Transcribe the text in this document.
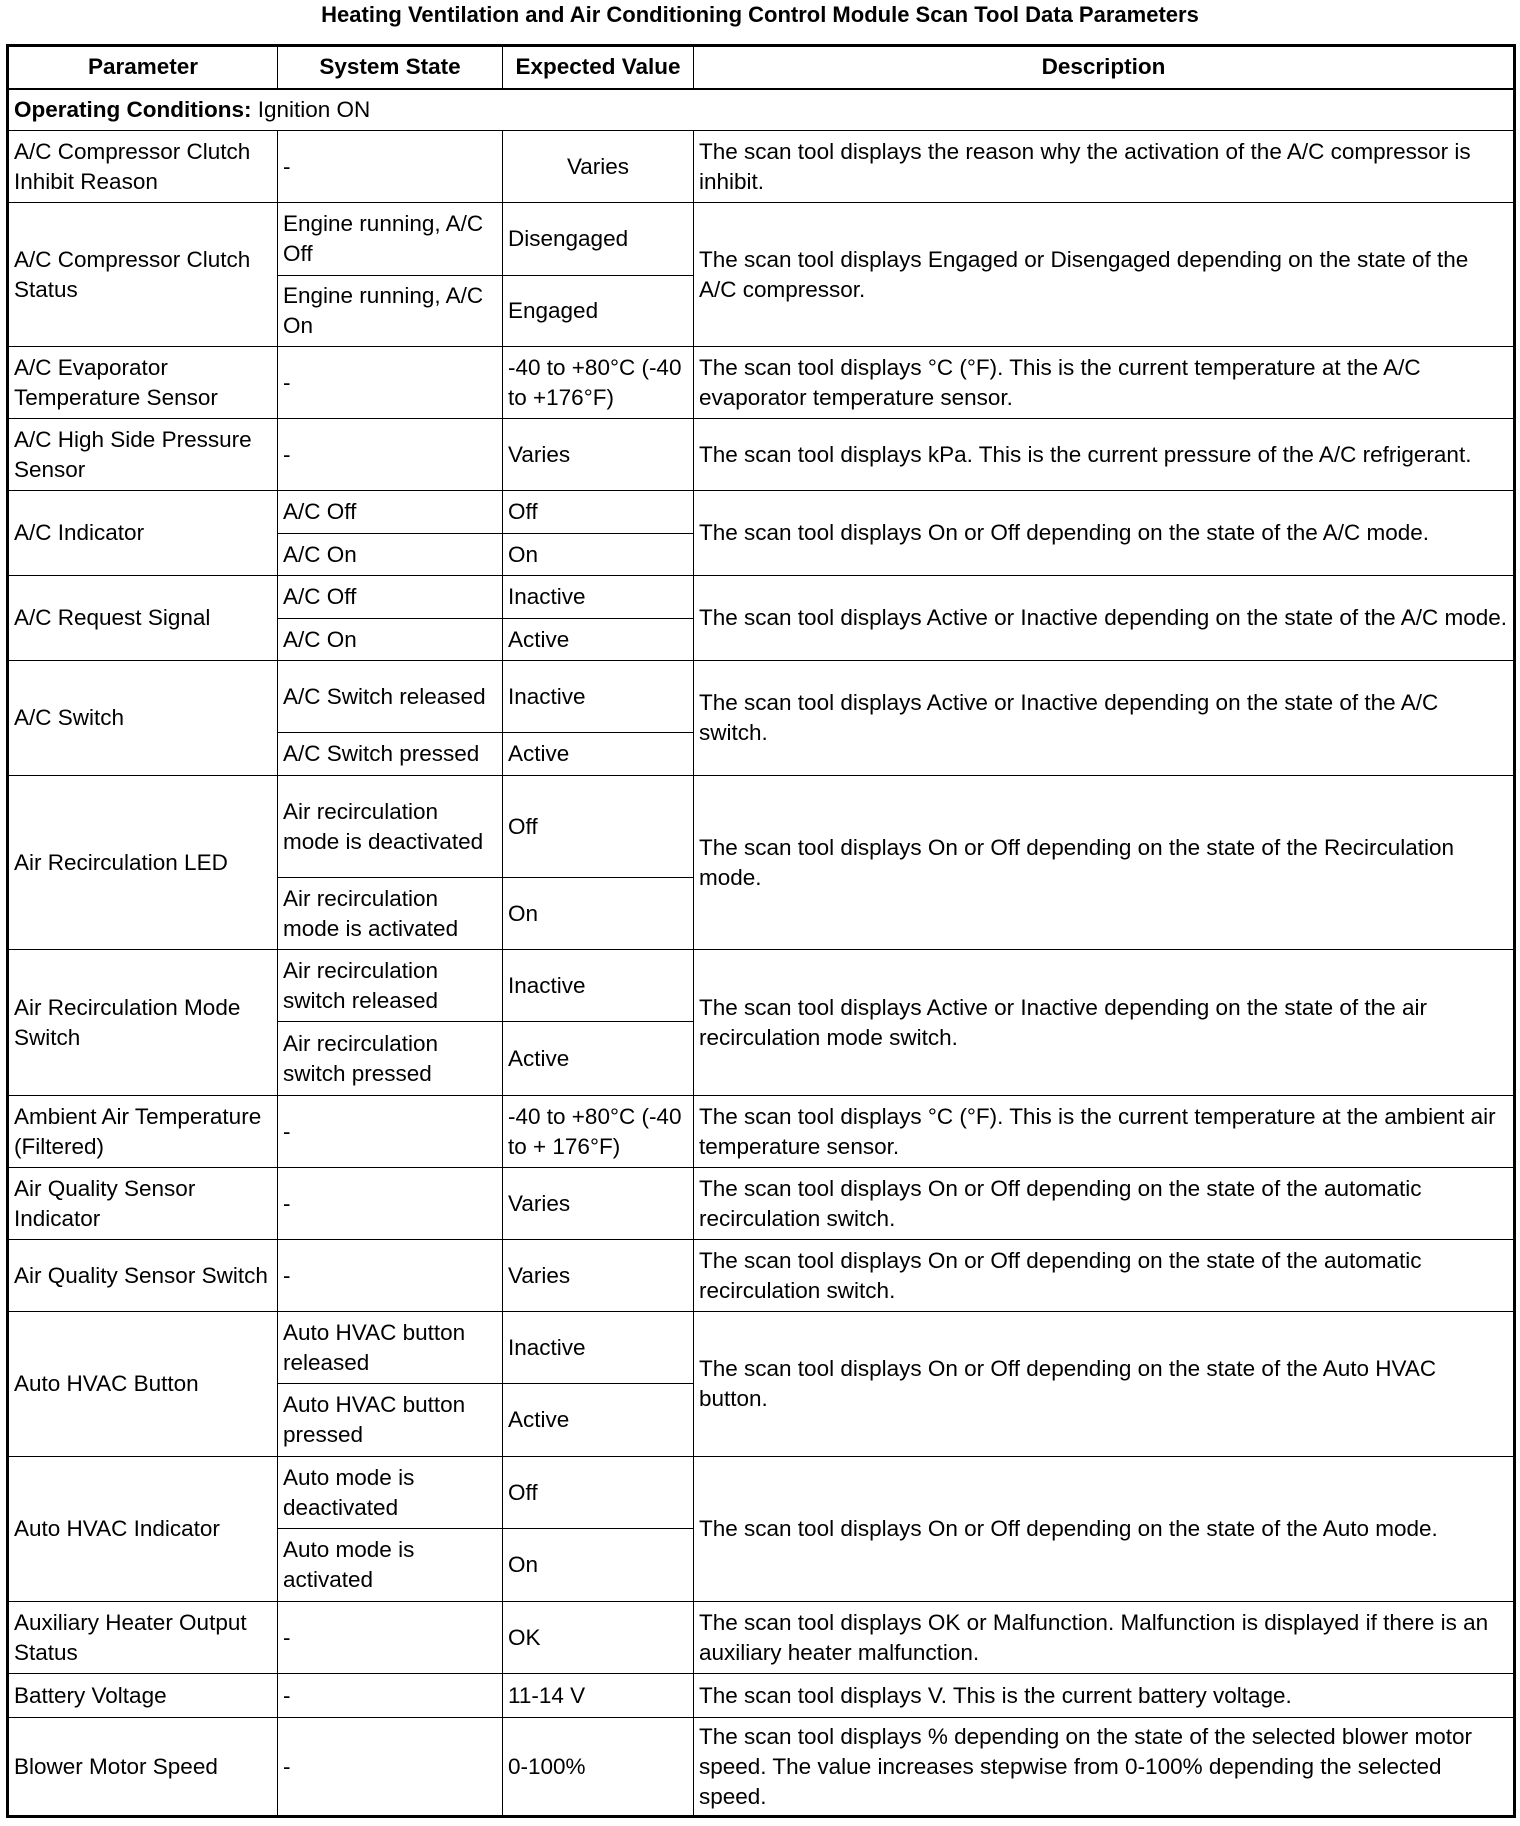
Heating Ventilation and Air Conditioning Control Module Scan Tool Data Parameters
Parameter	System State	Expected Value	Description
Operating Conditions: Ignition ON			
A/C Compressor Clutch Inhibit Reason	-	Varies	The scan tool displays the reason why the activation of the A/C compressor is inhibit.
A/C Compressor Clutch Status	Engine running, A/C Off	Disengaged	The scan tool displays Engaged or Disengaged depending on the state of the A/C compressor.
	Engine running, A/C On	Engaged	
A/C Evaporator Temperature Sensor	-	-40 to +80°C (-40 to +176°F)	The scan tool displays °C (°F). This is the current temperature at the A/C evaporator temperature sensor.
A/C High Side Pressure Sensor	-	Varies	The scan tool displays kPa. This is the current pressure of the A/C refrigerant.
A/C Indicator	A/C Off	Off	The scan tool displays On or Off depending on the state of the A/C mode.
	A/C On	On	
A/C Request Signal	A/C Off	Inactive	The scan tool displays Active or Inactive depending on the state of the A/C mode.
	A/C On	Active	
A/C Switch	A/C Switch released	Inactive	The scan tool displays Active or Inactive depending on the state of the A/C switch.
	A/C Switch pressed	Active	
Air Recirculation LED	Air recirculation mode is deactivated	Off	The scan tool displays On or Off depending on the state of the Recirculation mode.
	Air recirculation mode is activated	On	
Air Recirculation Mode Switch	Air recirculation switch released	Inactive	The scan tool displays Active or Inactive depending on the state of the air recirculation mode switch.
	Air recirculation switch pressed	Active	
Ambient Air Temperature (Filtered)	-	-40 to +80°C (-40 to + 176°F)	The scan tool displays °C (°F). This is the current temperature at the ambient air temperature sensor.
Air Quality Sensor Indicator	-	Varies	The scan tool displays On or Off depending on the state of the automatic recirculation switch.
Air Quality Sensor Switch	-	Varies	The scan tool displays On or Off depending on the state of the automatic recirculation switch.
Auto HVAC Button	Auto HVAC button released	Inactive	The scan tool displays On or Off depending on the state of the Auto HVAC button.
	Auto HVAC button pressed	Active	
Auto HVAC Indicator	Auto mode is deactivated	Off	The scan tool displays On or Off depending on the state of the Auto mode.
	Auto mode is activated	On	
Auxiliary Heater Output Status	-	OK	The scan tool displays OK or Malfunction. Malfunction is displayed if there is an auxiliary heater malfunction.
Battery Voltage	-	11-14 V	The scan tool displays V. This is the current battery voltage.
Blower Motor Speed	-	0-100%	The scan tool displays % depending on the state of the selected blower motor speed. The value increases stepwise from 0-100% depending the selected speed.
